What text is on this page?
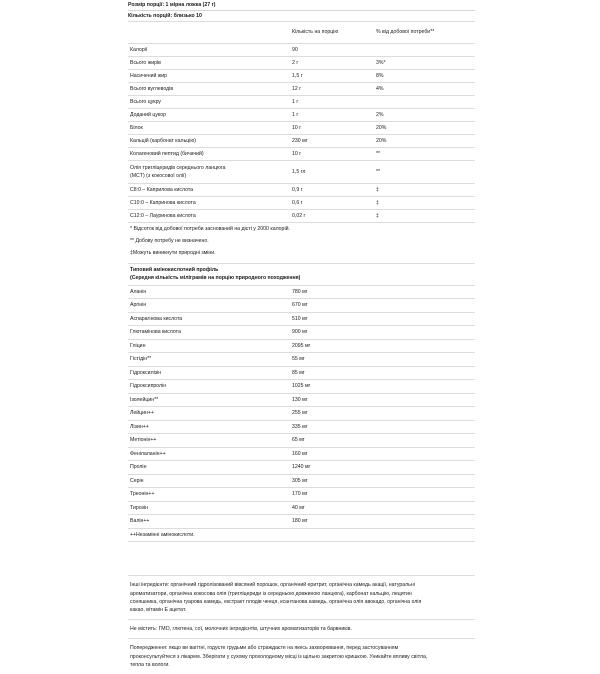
Розмір порції: 1 мірна ложка (27 г)
Кількість порцій: близько 10
	Кількість на порцію	% від добової потреби**
Калорії	90	
Всього жирів	2 г	3%*
Насичений жир	1,5 г	8%
Всього вуглеводів	12 г	4%
Всього цукру	1 г	
Доданий цукор	1 г	2%
Білок	10 г	20%
Кальцій (карбонат кальцію)	230 мг	20%
Колагеновий пептид (бичачий)	10 г	**

Олія тригліцеридів середнього ланцюга
(MCT) (з кокосової олії)	1,5 гл	**
C8:0 – Каприлова кислота	0,9 г	‡
C10:0 – Капринова кислота	0,6 г	‡
C12:0 – Лауринова кислота	0,02 г	‡
* Відсоток від добової потреби заснований на дієті у 2000 калорій.
** Добову потребу не визначено.
‡Можуть виникнути природні зміни.
Типовий амінокислотний профіль
(Середня кількість міліграмів на порцію природного походження)
Аланін	780 мг
Аргінін	670 мг
Аспарагінова кислота	510 мг
Глютамінова кислота	900 мг
Гліцин	2095 мг
Гістідін**	55 мг
Гідроксилізін	85 мг
Гідроксипролін	1025 мг
Ізолейцин**	130 мг
Лейцин++	255 мг
Лізин++	335 мг
Метіонін++	65 мг
Фенілаланін++	160 мг
Пролін	1240 мг
Серін	305 мг
Треонін++	170 мг
Тирозін	40 мг
Валін++	180 мг
++Незамінні амінокислоти.	
Інші інгредієнти: органічний гідролізований вівсяний порошок, органічний еритрит, органічна камедь акації, натуральні
ароматизатори, органічна кокосова олія (тригліцериди із середньою довжиною ланцюга), карбонат кальцію, лецитин
соняшника, органічна гуарова камедь, екстракт плодів ченця, ксантанова камедь, органічна олія авокадо, органічна олія
какао, вітамін Е ацетат.
Не містить: ГМО, глютена, сої, молочних інгредієнтів, штучних ароматизаторів та барвників.
Попередження: якщо ви вагітні, годуєте грудьми або страждаєте на якесь захворювання, перед застосуванням
проконсультуйтеся з лікарем. Зберігати у сухому прохолодному місці із щільно закритою кришкою. Уникайте впливу світла,
тепла та вологи.
